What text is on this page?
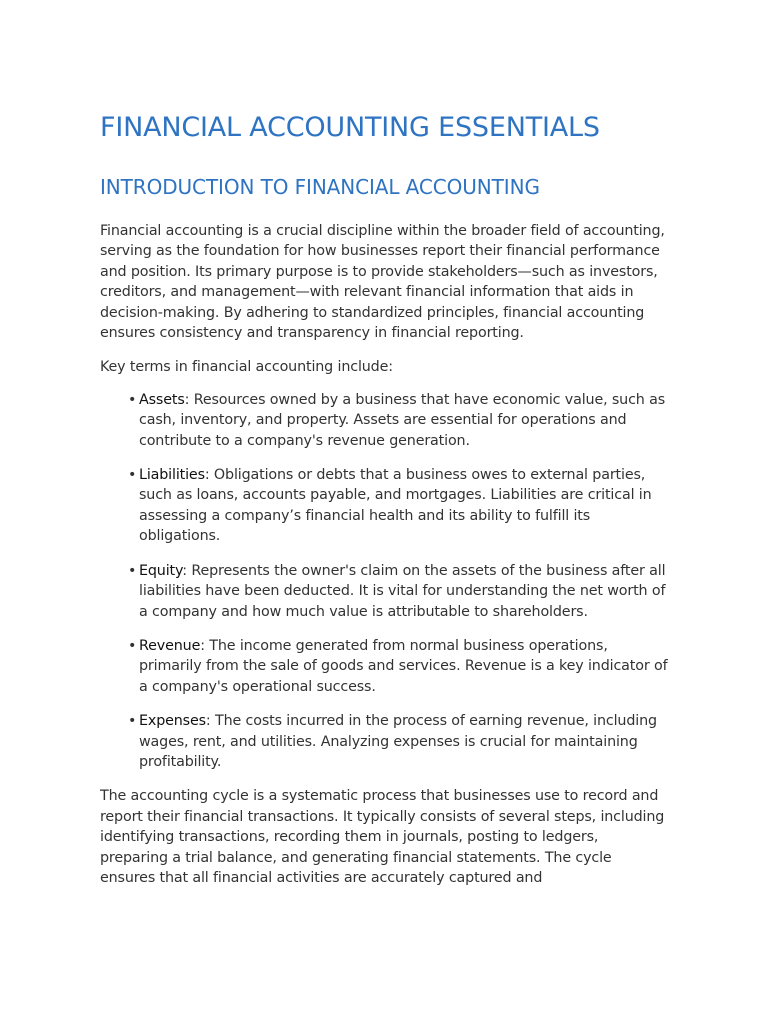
FINANCIAL ACCOUNTING ESSENTIALS
INTRODUCTION TO FINANCIAL ACCOUNTING

Financial accounting is a crucial discipline within the broader field of accounting, serving as the foundation for how businesses report their financial performance and position. Its primary purpose is to provide stakeholders—such as investors, creditors, and management—with relevant financial information that aids in decision-making. By adhering to standardized principles, financial accounting ensures consistency and transparency in financial reporting.

Key terms in financial accounting include:

• Assets: Resources owned by a business that have economic value, such as cash, inventory, and property. Assets are essential for operations and contribute to a company's revenue generation.
• Liabilities: Obligations or debts that a business owes to external parties, such as loans, accounts payable, and mortgages. Liabilities are critical in assessing a company’s financial health and its ability to fulfill its obligations.
• Equity: Represents the owner's claim on the assets of the business after all liabilities have been deducted. It is vital for understanding the net worth of a company and how much value is attributable to shareholders.
• Revenue: The income generated from normal business operations, primarily from the sale of goods and services. Revenue is a key indicator of a company's operational success.
• Expenses: The costs incurred in the process of earning revenue, including wages, rent, and utilities. Analyzing expenses is crucial for maintaining profitability.

The accounting cycle is a systematic process that businesses use to record and report their financial transactions. It typically consists of several steps, including identifying transactions, recording them in journals, posting to ledgers, preparing a trial balance, and generating financial statements. The cycle ensures that all financial activities are accurately captured and
